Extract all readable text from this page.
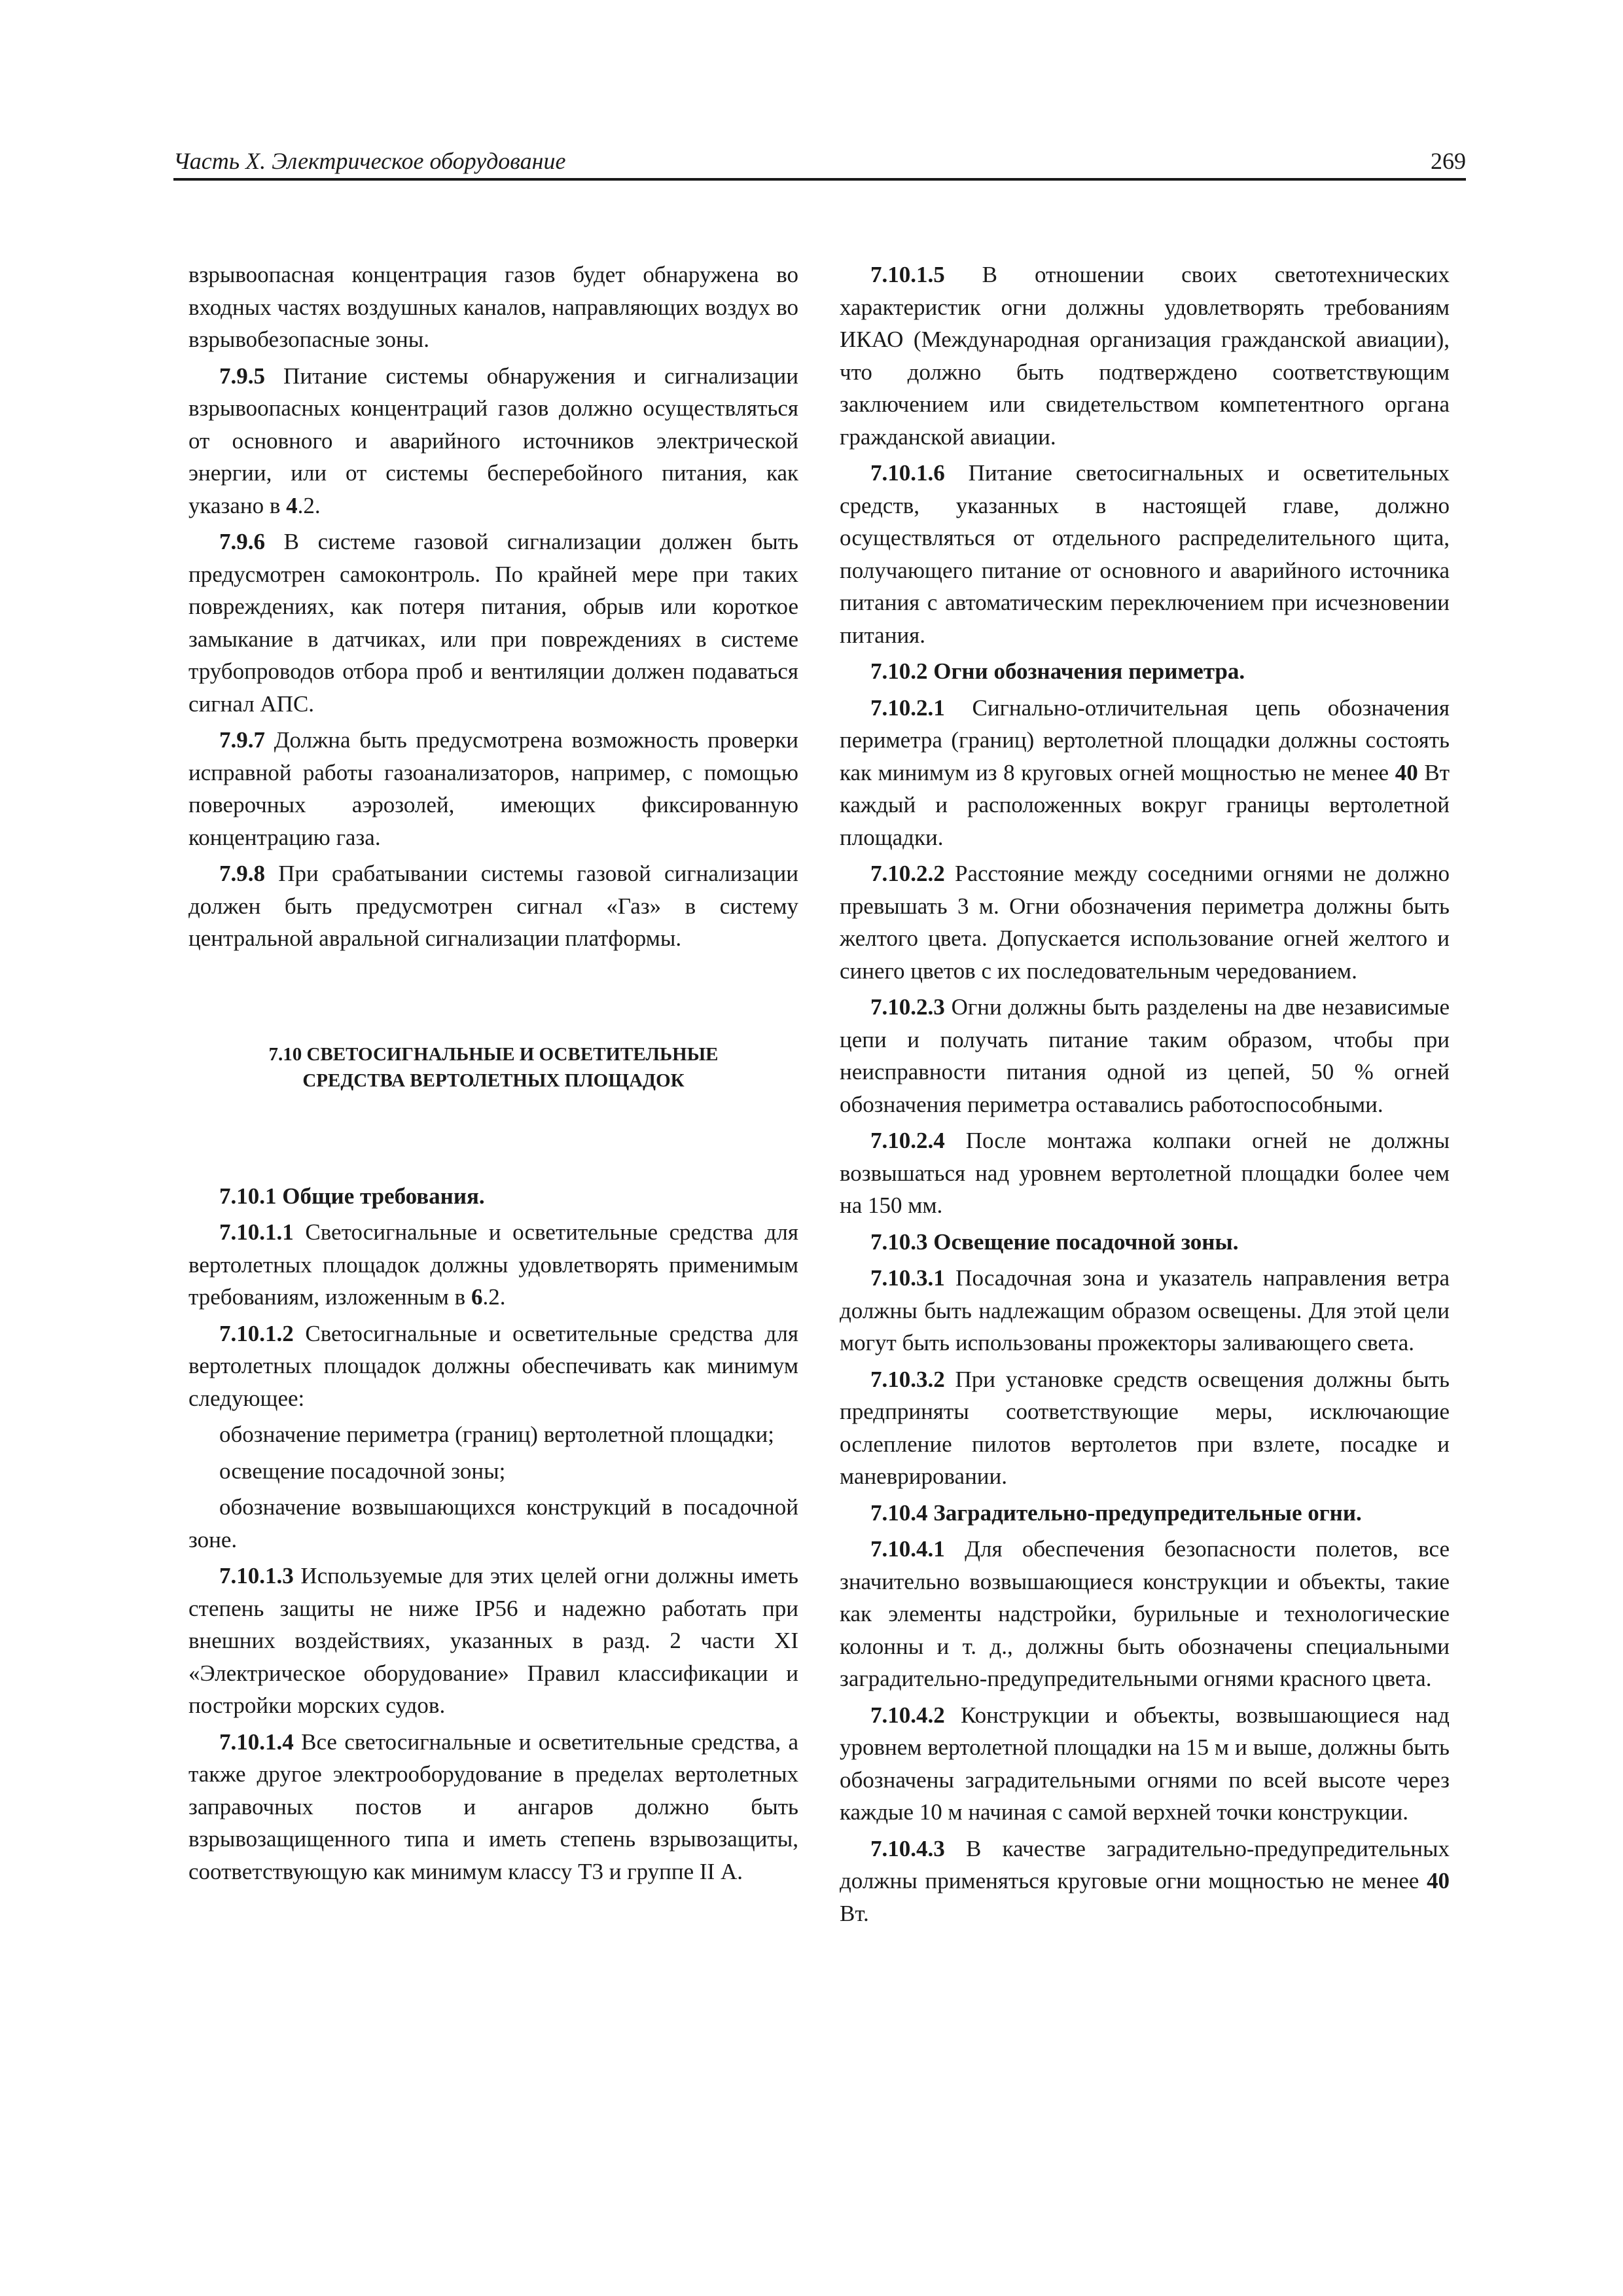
Часть X. Электрическое оборудование	269

взрывоопасная концентрация газов будет обнаружена во входных частях воздушных каналов, направляющих воздух во взрывобезопасные зоны.

7.9.5 Питание системы обнаружения и сигнализации взрывоопасных концентраций газов должно осуществляться от основного и аварийного источников электрической энергии, или от системы бесперебойного питания, как указано в 4.2.

7.9.6 В системе газовой сигнализации должен быть предусмотрен самоконтроль. По крайней мере при таких повреждениях, как потеря питания, обрыв или короткое замыкание в датчиках, или при повреждениях в системе трубопроводов отбора проб и вентиляции должен подаваться сигнал АПС.

7.9.7 Должна быть предусмотрена возможность проверки исправной работы газоанализаторов, например, с помощью поверочных аэрозолей, имеющих фиксированную концентрацию газа.

7.9.8 При срабатывании системы газовой сигнализации должен быть предусмотрен сигнал «Газ» в систему центральной авральной сигнализации платформы.

7.10 СВЕТОСИГНАЛЬНЫЕ И ОСВЕТИТЕЛЬНЫЕ
СРЕДСТВА ВЕРТОЛЕТНЫХ ПЛОЩАДОК

7.10.1 Общие требования.

7.10.1.1 Светосигнальные и осветительные средства для вертолетных площадок должны удовлетворять применимым требованиям, изложенным в 6.2.

7.10.1.2 Светосигнальные и осветительные средства для вертолетных площадок должны обеспечивать как минимум следующее:

обозначение периметра (границ) вертолетной площадки;

освещение посадочной зоны;

обозначение возвышающихся конструкций в посадочной зоне.

7.10.1.3 Используемые для этих целей огни должны иметь степень защиты не ниже IP56 и надежно работать при внешних воздействиях, указанных в разд. 2 части XI «Электрическое оборудование» Правил классификации и постройки морских судов.

7.10.1.4 Все светосигнальные и осветительные средства, а также другое электрооборудование в пределах вертолетных заправочных постов и ангаров должно быть взрывозащищенного типа и иметь степень взрывозащиты, соответствующую как минимум классу Т3 и группе II А.

7.10.1.5 В отношении своих светотехнических характеристик огни должны удовлетворять требованиям ИКАО (Международная организация гражданской авиации), что должно быть подтверждено соответствующим заключением или свидетельством компетентного органа гражданской авиации.

7.10.1.6 Питание светосигнальных и осветительных средств, указанных в настоящей главе, должно осуществляться от отдельного распределительного щита, получающего питание от основного и аварийного источника питания с автоматическим переключением при исчезновении питания.

7.10.2 Огни обозначения периметра.

7.10.2.1 Сигнально-отличительная цепь обозначения периметра (границ) вертолетной площадки должны состоять как минимум из 8 круговых огней мощностью не менее 40 Вт каждый и расположенных вокруг границы вертолетной площадки.

7.10.2.2 Расстояние между соседними огнями не должно превышать 3 м. Огни обозначения периметра должны быть желтого цвета. Допускается использование огней желтого и синего цветов с их последовательным чередованием.

7.10.2.3 Огни должны быть разделены на две независимые цепи и получать питание таким образом, чтобы при неисправности питания одной из цепей, 50 % огней обозначения периметра оставались работоспособными.

7.10.2.4 После монтажа колпаки огней не должны возвышаться над уровнем вертолетной площадки более чем на 150 мм.

7.10.3 Освещение посадочной зоны.

7.10.3.1 Посадочная зона и указатель направления ветра должны быть надлежащим образом освещены. Для этой цели могут быть использованы прожекторы заливающего света.

7.10.3.2 При установке средств освещения должны быть предприняты соответствующие меры, исключающие ослепление пилотов вертолетов при взлете, посадке и маневрировании.

7.10.4 Заградительно-предупредительные огни.

7.10.4.1 Для обеспечения безопасности полетов, все значительно возвышающиеся конструкции и объекты, такие как элементы надстройки, бурильные и технологические колонны и т. д., должны быть обозначены специальными заградительно-предупредительными огнями красного цвета.

7.10.4.2 Конструкции и объекты, возвышающиеся над уровнем вертолетной площадки на 15 м и выше, должны быть обозначены заградительными огнями по всей высоте через каждые 10 м начиная с самой верхней точки конструкции.

7.10.4.3 В качестве заградительно-предупредительных должны применяться круговые огни мощностью не менее 40 Вт.
